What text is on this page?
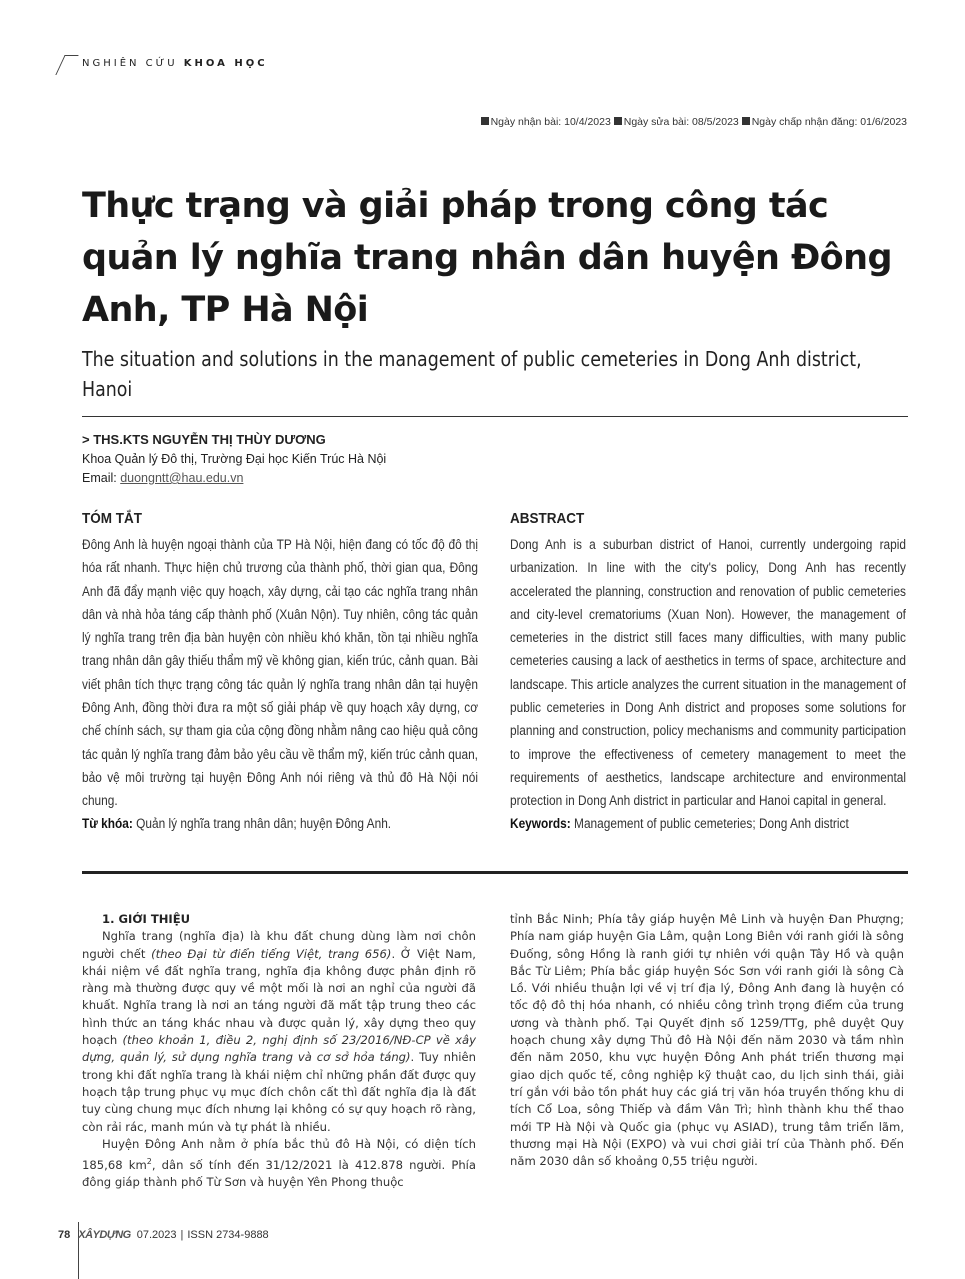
NGHIÊN CỨU KHOA HỌC
Ngày nhận bài: 10/4/2023 Ngày sửa bài: 08/5/2023 Ngày chấp nhận đăng: 01/6/2023
Thực trạng và giải pháp trong công tác quản lý nghĩa trang nhân dân huyện Đông Anh, TP Hà Nội
The situation and solutions in the management of public cemeteries in Dong Anh district, Hanoi
> THS.KTS NGUYỄN THỊ THÙY DƯƠNG
Khoa Quản lý Đô thị, Trường Đại học Kiến Trúc Hà Nội
Email: duongntt@hau.edu.vn
TÓM TẮT
Đông Anh là huyện ngoại thành của TP Hà Nội, hiện đang có tốc độ đô thị hóa rất nhanh. Thực hiện chủ trương của thành phố, thời gian qua, Đông Anh đã đẩy mạnh việc quy hoạch, xây dựng, cải tạo các nghĩa trang nhân dân và nhà hỏa táng cấp thành phố (Xuân Nộn). Tuy nhiên, công tác quản lý nghĩa trang trên địa bàn huyện còn nhiều khó khăn, tồn tại nhiều nghĩa trang nhân dân gây thiếu thẩm mỹ về không gian, kiến trúc, cảnh quan. Bài viết phân tích thực trạng công tác quản lý nghĩa trang nhân dân tại huyện Đông Anh, đồng thời đưa ra một số giải pháp về quy hoạch xây dựng, cơ chế chính sách, sự tham gia của cộng đồng nhằm nâng cao hiệu quả công tác quản lý nghĩa trang đảm bảo yêu cầu về thẩm mỹ, kiến trúc cảnh quan, bảo vệ môi trường tại huyện Đông Anh nói riêng và thủ đô Hà Nội nói chung.
Từ khóa: Quản lý nghĩa trang nhân dân; huyện Đông Anh.
ABSTRACT
Dong Anh is a suburban district of Hanoi, currently undergoing rapid urbanization. In line with the city's policy, Dong Anh has recently accelerated the planning, construction and renovation of public cemeteries and city-level crematoriums (Xuan Non). However, the management of cemeteries in the district still faces many difficulties, with many public cemeteries causing a lack of aesthetics in terms of space, architecture and landscape. This article analyzes the current situation in the management of public cemeteries in Dong Anh district and proposes some solutions for planning and construction, policy mechanisms and community participation to improve the effectiveness of cemetery management to meet the requirements of aesthetics, landscape architecture and environmental protection in Dong Anh district in particular and Hanoi capital in general.
Keywords: Management of public cemeteries; Dong Anh district

1. GIỚI THIỆU

Nghĩa trang (nghĩa địa) là khu đất chung dùng làm nơi chôn người chết (theo Đại từ điển tiếng Việt, trang 656). Ở Việt Nam, khái niệm về đất nghĩa trang, nghĩa địa không được phân định rõ ràng mà thường được quy về một mối là nơi an nghỉ của người đã khuất. Nghĩa trang là nơi an táng người đã mất tập trung theo các hình thức an táng khác nhau và được quản lý, xây dựng theo quy hoạch (theo khoản 1, điều 2, nghị định số 23/2016/NĐ-CP về xây dựng, quản lý, sử dụng nghĩa trang và cơ sở hỏa táng). Tuy nhiên trong khi đất nghĩa trang là khái niệm chỉ những phần đất được quy hoạch tập trung phục vụ mục đích chôn cất thì đất nghĩa địa là đất tuy cùng chung mục đích nhưng lại không có sự quy hoạch rõ ràng, còn rải rác, manh mún và tự phát là nhiều.

Huyện Đông Anh nằm ở phía bắc thủ đô Hà Nội, có diện tích 185,68 $km^2$, dân số tính đến 31/12/2021 là 412.878 người. Phía đông giáp thành phố Từ Sơn và huyện Yên Phong thuộc

tỉnh Bắc Ninh; Phía tây giáp huyện Mê Linh và huyện Đan Phượng; Phía nam giáp huyện Gia Lâm, quận Long Biên với ranh giới là sông Đuống, sông Hồng là ranh giới tự nhiên với quận Tây Hồ và quận Bắc Từ Liêm; Phía bắc giáp huyện Sóc Sơn với ranh giới là sông Cà Lồ. Với nhiều thuận lợi về vị trí địa lý, Đông Anh đang là huyện có tốc độ đô thị hóa nhanh, có nhiều công trình trọng điểm của trung ương và thành phố. Tại Quyết định số 1259/TTg, phê duyệt Quy hoạch chung xây dựng Thủ đô Hà Nội đến năm 2030 và tầm nhìn đến năm 2050, khu vực huyện Đông Anh phát triển thương mại giao dịch quốc tế, công nghiệp kỹ thuật cao, du lịch sinh thái, giải trí gắn với bảo tồn phát huy các giá trị văn hóa truyền thống khu di tích Cổ Loa, sông Thiếp và đầm Vân Trì; hình thành khu thể thao mới TP Hà Nội và Quốc gia (phục vụ ASIAD), trung tâm triển lãm, thương mại Hà Nội (EXPO) và vui chơi giải trí của Thành phố. Đến năm 2030 dân số khoảng 0,55 triệu người.

78 XÂYDỰNG 07.2023 | ISSN 2734-9888
